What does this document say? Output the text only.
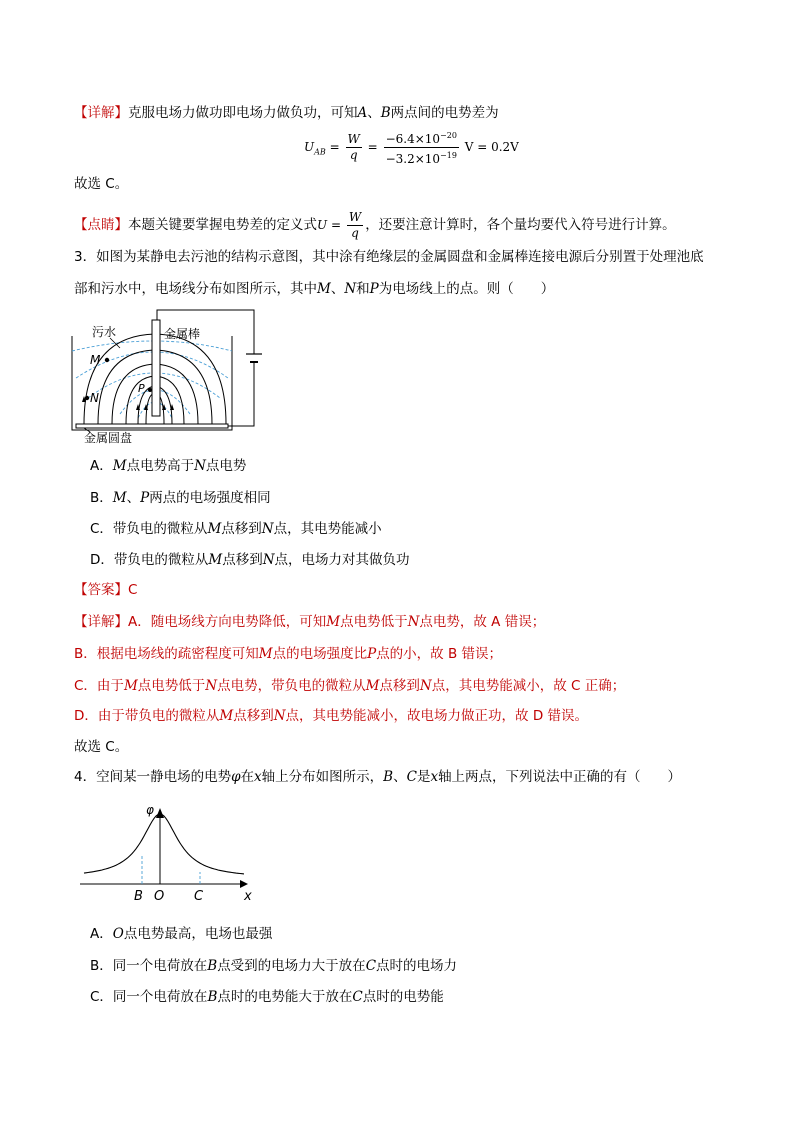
【详解】克服电场力做功即电场力做负功，可知A、B两点间的电势差为
$U_{AB} = \frac{W}{q} = \frac{-6.4\times 10^{-20}}{-3.2\times 10^{-19}}$ V = 0.2V
故选 C。
【点睛】本题关键要掌握电势差的定义式$U = \frac{W}{q}$ ，还要注意计算时，各个量均要代入符号进行计算。
3．如图为某静电去污池的结构示意图，其中涂有绝缘层的金属圆盘和金属棒连接电源后分别置于处理池底
部和污水中，电场线分布如图所示，其中M、N和P为电场线上的点。则（　　）
污水	金属棒
M
N
P
金属圆盘
A．M点电势高于N点电势
B．M、P两点的电场强度相同
C．带负电的微粒从M点移到N点，其电势能减小
D．带负电的微粒从M点移到N点，电场力对其做负功
【答案】C
【详解】A．随电场线方向电势降低，可知M点电势低于N点电势，故 A 错误；
B．根据电场线的疏密程度可知M点的电场强度比P点的小，故 B 错误；
C．由于M点电势低于N点电势，带负电的微粒从M点移到N点，其电势能减小，故 C 正确；
D．由于带负电的微粒从M点移到N点，其电势能减小，故电场力做正功，故 D 错误。
故选 C。
4．空间某一静电场的电势φ在x轴上分布如图所示，B、C是x轴上两点，下列说法中正确的有（　　）
φ
x
B O C
A．O点电势最高，电场也最强
B．同一个电荷放在B点受到的电场力大于放在C点时的电场力
C．同一个电荷放在B点时的电势能大于放在C点时的电势能
